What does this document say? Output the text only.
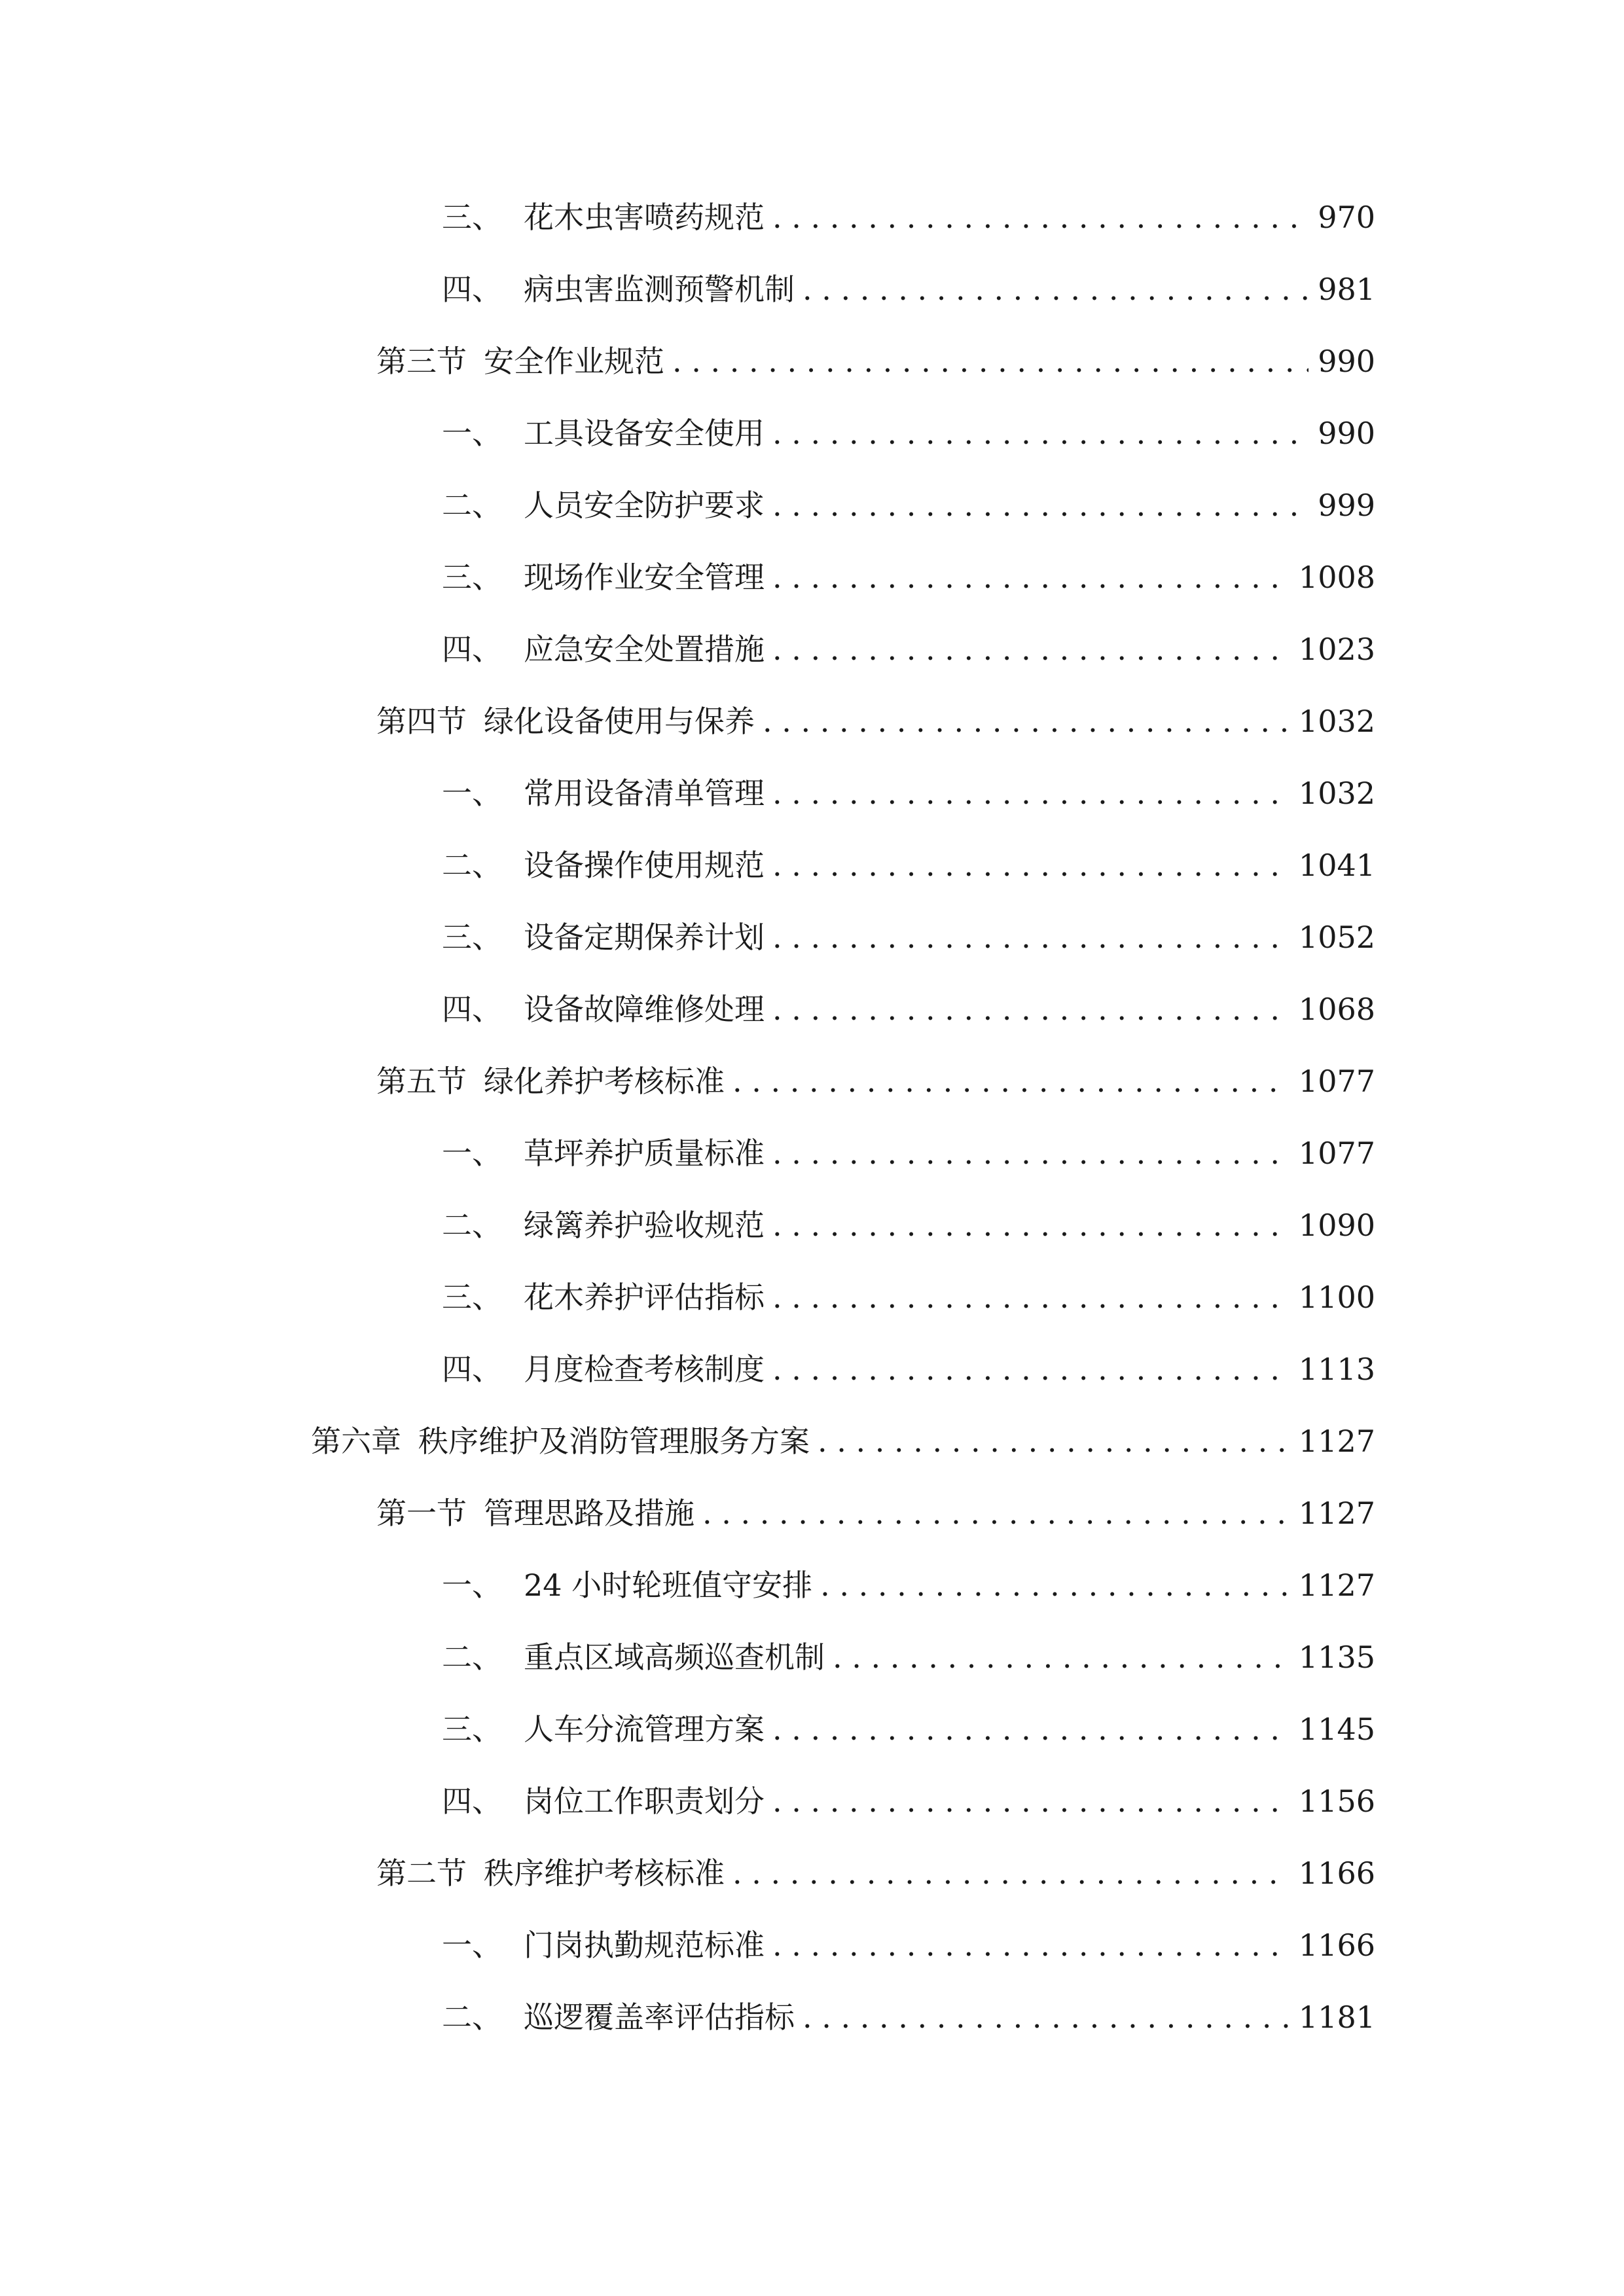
三、 花木虫害喷药规范 . . .	970
四、 病虫害监测预警机制 . . .	981
第三节 安全作业规范 . . .	990
一、 工具设备安全使用 . . .	990
二、 人员安全防护要求 . . .	999
三、 现场作业安全管理 . . .	1008
四、 应急安全处置措施 . . .	1023
第四节 绿化设备使用与保养 . . .	1032
一、 常用设备清单管理 . . .	1032
二、 设备操作使用规范 . . .	1041
三、 设备定期保养计划 . . .	1052
四、 设备故障维修处理 . . .	1068
第五节 绿化养护考核标准 . . .	1077
一、 草坪养护质量标准 . . .	1077
二、 绿篱养护验收规范 . . .	1090
三、 花木养护评估指标 . . .	1100
四、 月度检查考核制度 . . .	1113
第六章 秩序维护及消防管理服务方案 . . .	1127
第一节 管理思路及措施 . . .	1127
一、 24 小时轮班值守安排 . . .	1127
二、 重点区域高频巡查机制 . . .	1135
三、 人车分流管理方案 . . .	1145
四、 岗位工作职责划分 . . .	1156
第二节 秩序维护考核标准 . . .	1166
一、 门岗执勤规范标准 . . .	1166
二、 巡逻覆盖率评估指标 . . .	1181
